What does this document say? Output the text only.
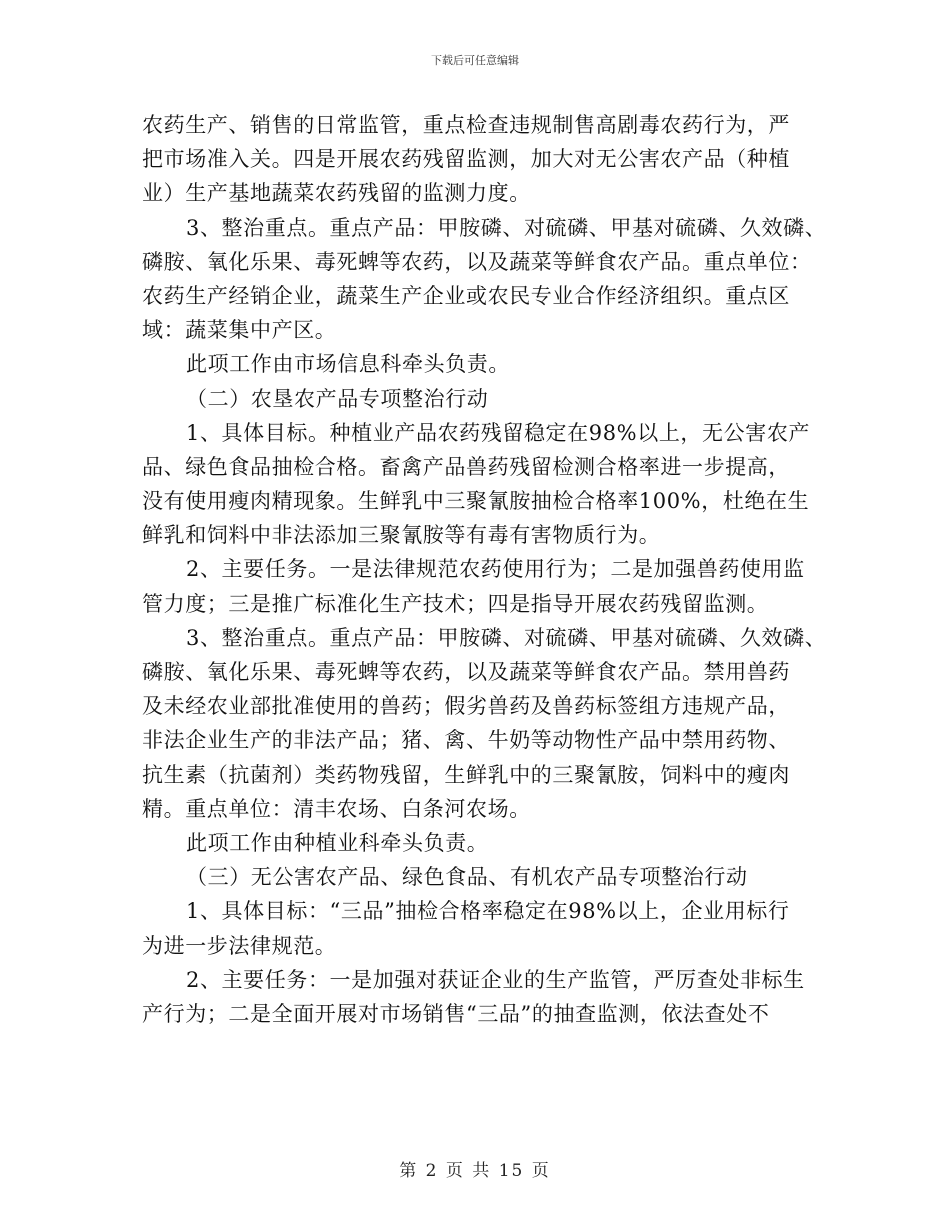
下载后可任意编辑
农药生产、销售的日常监管，重点检查违规制售高剧毒农药行为，严
把市场准入关。四是开展农药残留监测，加大对无公害农产品（种植
业）生产基地蔬菜农药残留的监测力度。
3、整治重点。重点产品：甲胺磷、对硫磷、甲基对硫磷、久效磷、
磷胺、氧化乐果、毒死蜱等农药，以及蔬菜等鲜食农产品。重点单位：
农药生产经销企业，蔬菜生产企业或农民专业合作经济组织。重点区
域：蔬菜集中产区。
此项工作由市场信息科牵头负责。
（二）农垦农产品专项整治行动
1、具体目标。种植业产品农药残留稳定在98%以上，无公害农产
品、绿色食品抽检合格。畜禽产品兽药残留检测合格率进一步提高，
没有使用瘦肉精现象。生鲜乳中三聚氰胺抽检合格率100%，杜绝在生
鲜乳和饲料中非法添加三聚氰胺等有毒有害物质行为。
2、主要任务。一是法律规范农药使用行为；二是加强兽药使用监
管力度；三是推广标准化生产技术；四是指导开展农药残留监测。
3、整治重点。重点产品：甲胺磷、对硫磷、甲基对硫磷、久效磷、
磷胺、氧化乐果、毒死蜱等农药，以及蔬菜等鲜食农产品。禁用兽药
及未经农业部批准使用的兽药；假劣兽药及兽药标签组方违规产品，
非法企业生产的非法产品；猪、禽、牛奶等动物性产品中禁用药物、
抗生素（抗菌剂）类药物残留，生鲜乳中的三聚氰胺，饲料中的瘦肉
精。重点单位：清丰农场、白条河农场。
此项工作由种植业科牵头负责。
（三）无公害农产品、绿色食品、有机农产品专项整治行动
1、具体目标：“三品”抽检合格率稳定在98%以上，企业用标行
为进一步法律规范。
2、主要任务：一是加强对获证企业的生产监管，严厉查处非标生
产行为；二是全面开展对市场销售“三品”的抽查监测，依法查处不
第 2 页 共 15 页
